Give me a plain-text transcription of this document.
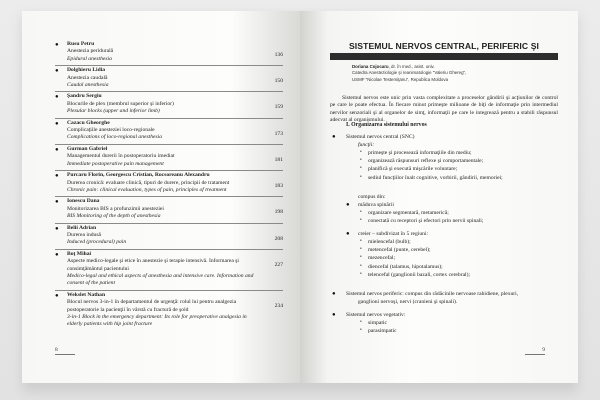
●	Rusu Petru
Anestezia periduralǎ
Epidural anesthesia
136
●	Dolghieru Lidia
Anestezia caudalǎ
Caudal anesthesia
150
●	Şandru Sergiu
Blocurile de plex (membrul superior şi inferior)
Plexular blocks (upper and inferior limb)
159
●	Cazacu Gheorghe
Complicaţiile anesteziei loco-regionale
Complications of loco-regional anesthesia
173
●	Gurman Gabriel
Managementul durerii în postoperatoriu imediat
Immediate postoperative pain management
181
●	Purcaru Florin, Georgescu Cristian, Rocsoreanu Alexandru
Durerea cronicǎ: evaluare clinicǎ, tipuri de durere, principii de tratament
Chronic pain: clinical evaluation, types of pain, principles of treatment
183
●	Ionescu Dana
Monitorizarea BIS a profunzimii anesteziei
BIS Monitoring of the depth of anesthesia
198
●	Belii Adrian
Durerea indusǎ
Induced (procedural) pain
208
●	Boţ Mihai
Aspecte medico-legale şi etice în anestezie şi terapie intensivǎ. Informarea şi consimţǎmântul pacientului
Medico-legal and ethical aspects of anesthesia and intensive care. Information and consent of the patient
227
●	Wekslet Nathan
Blocul nervos 3-in-1 în departamentul de urgenţǎ: rolul lui pentru analgezia postoperatorie la pacienţii în vârstǎ cu fracturǎ de şold
3-in-1 Block in the emergency department: Its role for preoperative analgesia in elderly patients with hip joint fracture
234
8
SISTEMUL NERVOS CENTRAL, PERIFERIC ŞI
Doriana Cojocaru, dr. în med., asist. univ.
Catedra Anesteziologie şi reanimatologie "Valeriu Ghereg",
USMF "Nicolae Testemiţanu", Republica Moldova
Sistemul nervos este unic prin vasta complexitate a proceselor gândirii şi acţiunilor de control pe care le poate efectua. În fiecare minut primeşte milioane de biţi de informaţie prin intermediul nervilor senzoriali şi al organelor de simţ, informaţii pe care le integrează pentru a stabili răspunsul adecvat al organismului.
I. Organizarea sistemului nervos
● Sistemul nervos central (SNC)
funcţii:
• primeşte şi procesează informaţiile din mediu;
• organizează răspunsuri reflexe şi comportamentale;
• planifică şi execută mişcările voluntare;
• sediul funcţiilor înalt cognitive, vorbirii, gândirii, memoriei;
compus din:
● măduva spinării
• organizare segmentară, metamerică;
• conectată cu receptori şi efectori prin nervii spinali;
● creier – subdivizat în 5 regiuni:
• mielencefal (bulb);
• metencefal (punte, cerebel);
• mezencefal;
• diencefal (talamus, hipotalamus);
• telencefal (ganglionii bazali, cortex cerebral);
● Sistemul nervos periferic: compus din rădăcinile nervoase rahidiene, plexuri,
ganglioni nervoşi, nervi (cranieni şi spinali).
● Sistemul nervos vegetativ:
• simpatic
• parasimpatic
9
